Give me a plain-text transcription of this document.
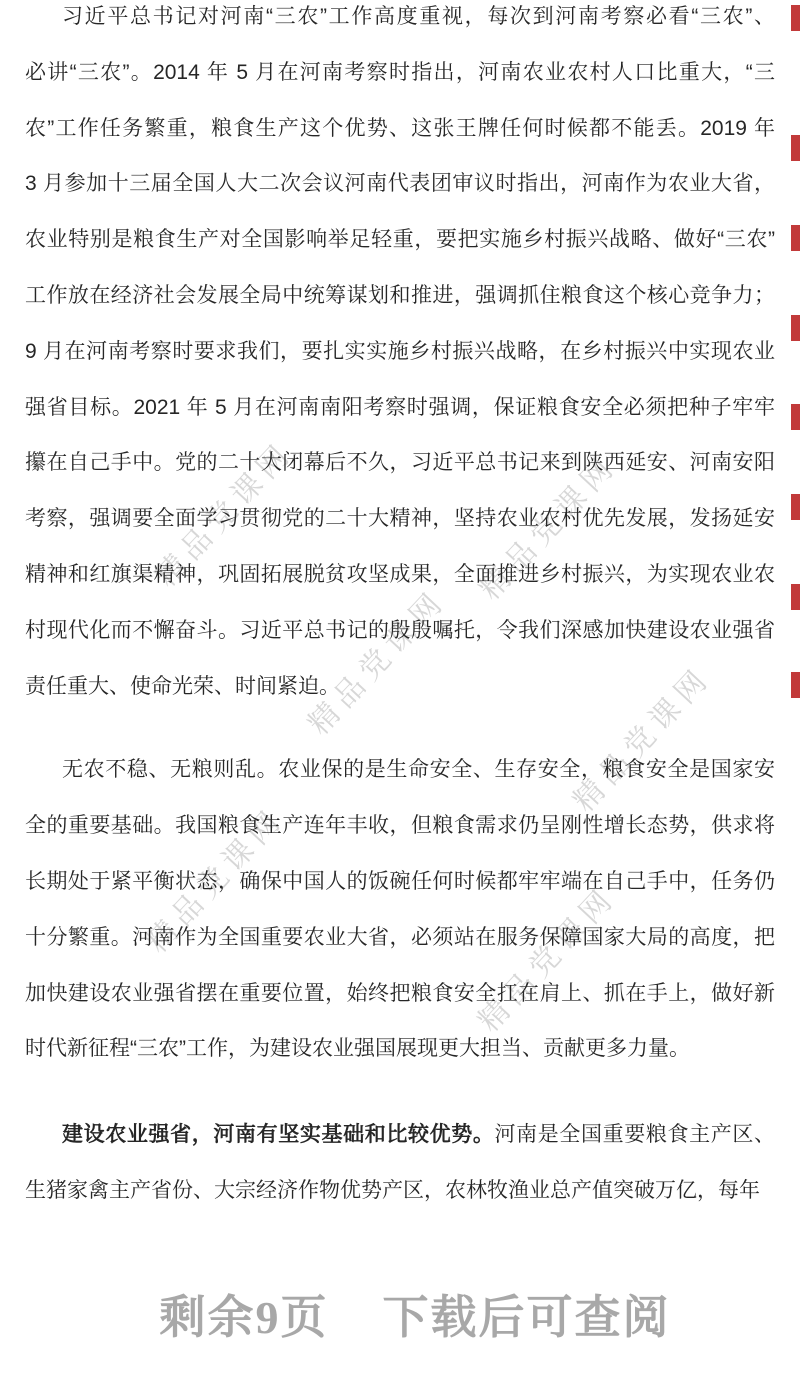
精品党课网	精品党课网
精品党课网	精品党课网
精品党课网
精品党课网
习近平总书记对河南“三农”工作高度重视，每次到河南考察必看“三农”、
必讲“三农”。2014 年 5 月在河南考察时指出，河南农业农村人口比重大，“三
农”工作任务繁重，粮食生产这个优势、这张王牌任何时候都不能丢。2019 年
3 月参加十三届全国人大二次会议河南代表团审议时指出，河南作为农业大省，
农业特别是粮食生产对全国影响举足轻重，要把实施乡村振兴战略、做好“三农”
工作放在经济社会发展全局中统筹谋划和推进，强调抓住粮食这个核心竞争力；
9 月在河南考察时要求我们，要扎实实施乡村振兴战略，在乡村振兴中实现农业
强省目标。2021 年 5 月在河南南阳考察时强调，保证粮食安全必须把种子牢牢
攥在自己手中。党的二十大闭幕后不久，习近平总书记来到陕西延安、河南安阳
考察，强调要全面学习贯彻党的二十大精神，坚持农业农村优先发展，发扬延安
精神和红旗渠精神，巩固拓展脱贫攻坚成果，全面推进乡村振兴，为实现农业农
村现代化而不懈奋斗。习近平总书记的殷殷嘱托，令我们深感加快建设农业强省
责任重大、使命光荣、时间紧迫。
无农不稳、无粮则乱。农业保的是生命安全、生存安全，粮食安全是国家安
全的重要基础。我国粮食生产连年丰收，但粮食需求仍呈刚性增长态势，供求将
长期处于紧平衡状态，确保中国人的饭碗任何时候都牢牢端在自己手中，任务仍
十分繁重。河南作为全国重要农业大省，必须站在服务保障国家大局的高度，把
加快建设农业强省摆在重要位置，始终把粮食安全扛在肩上、抓在手上，做好新
时代新征程“三农”工作，为建设农业强国展现更大担当、贡献更多力量。
建设农业强省，河南有坚实基础和比较优势。河南是全国重要粮食主产区、
生猪家禽主产省份、大宗经济作物优势产区，农林牧渔业总产值突破万亿，每年
剩余9页 下载后可查阅
